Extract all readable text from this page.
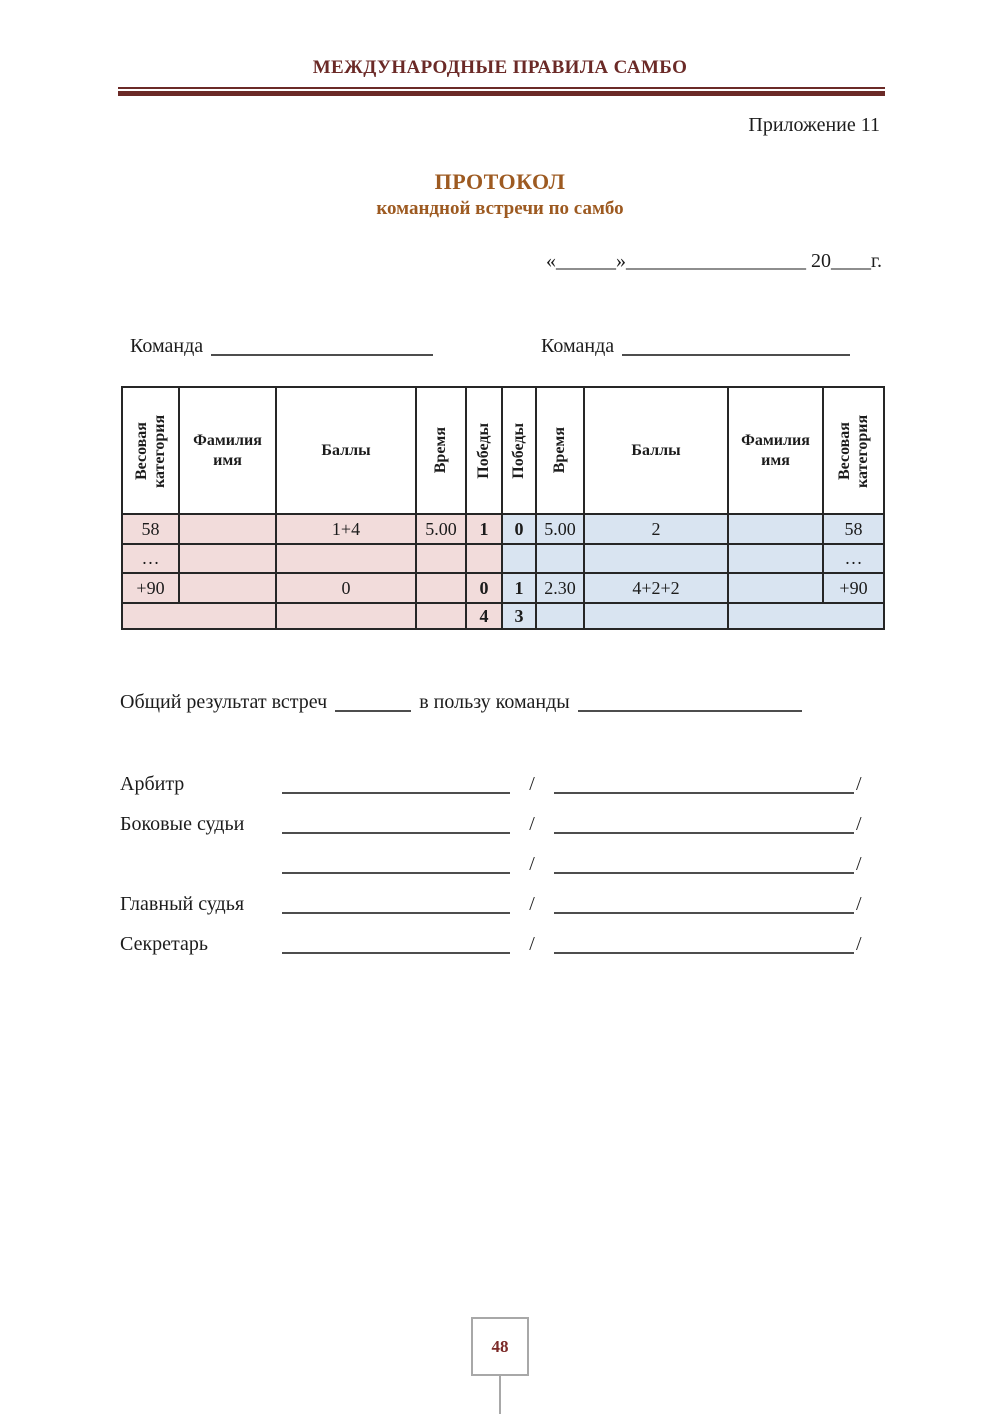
МЕЖДУНАРОДНЫЕ ПРАВИЛА САМБО
Приложение 11
ПРОТОКОЛ
командной встречи по самбо
«______»__________________ 20____г.
Команда	Команда
Весовая категория	Фамилия имя	Баллы	Время	Победы	Победы	Время	Баллы	Фамилия имя	Весовая категория

58		1+4	5.00	1	0	5.00	2		58
…									…
+90		0		0	1	2.30	4+2+2		+90
				4	3				
Общий результат встреч	в пользу команды
Арбитр	/	/
Боковые судьи	/	/
/	/
Главный судья	/	/
Секретарь	/	/
48
